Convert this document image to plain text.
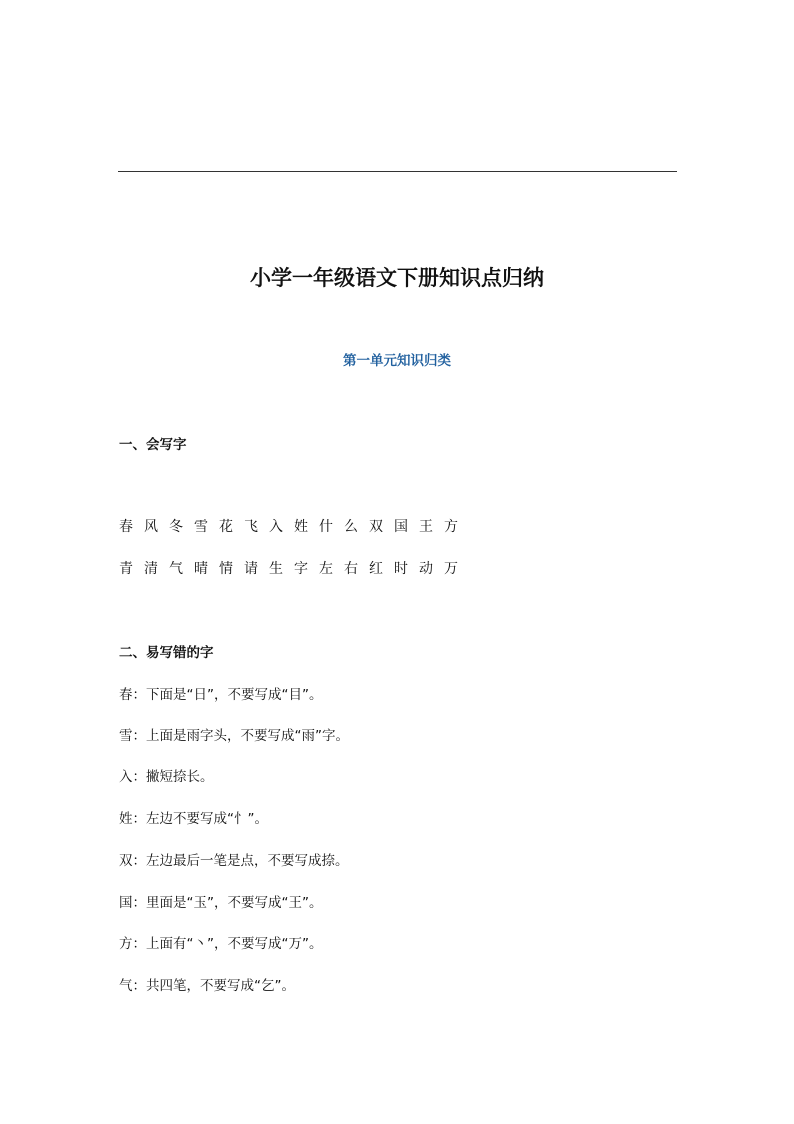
小学一年级语文下册知识点归纳
第一单元知识归类
一、会写字
春风冬雪花飞入姓什么双国王方
青清气晴情请生字左右红时动万
二、易写错的字
春：下面是“日”，不要写成“目”。
雪：上面是雨字头，不要写成“雨”字。
入：撇短捺长。
姓：左边不要写成“忄”。
双：左边最后一笔是点，不要写成捺。
国：里面是“玉”，不要写成“王”。
方：上面有“丶”，不要写成“万”。
气：共四笔，不要写成“乞”。
